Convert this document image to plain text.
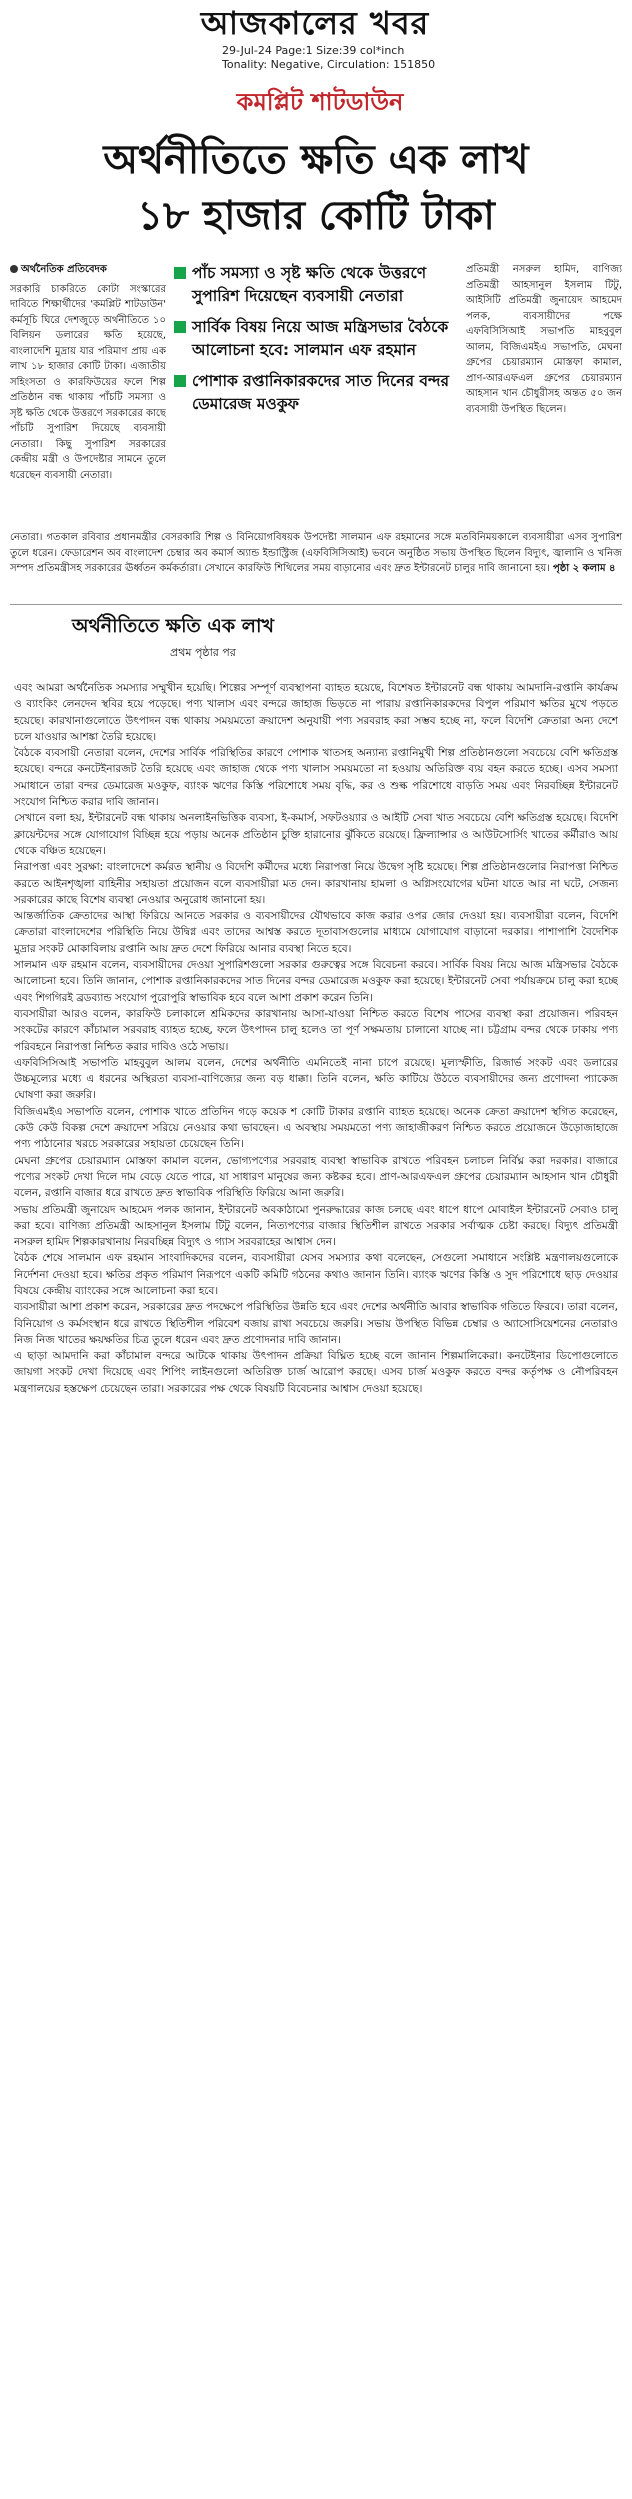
আজকালের খবর
29-Jul-24 Page:1 Size:39 col*inch
Tonality: Negative, Circulation: 151850
কমপ্লিট শাটডাউন
অর্থনীতিতে ক্ষতি এক লাখ
১৮ হাজার কোটি টাকা
অর্থনৈতিক প্রতিবেদক
সরকারি চাকরিতে কোটা সংস্কারের দাবিতে শিক্ষার্থীদের 'কমপ্লিট শাটডাউন' কর্মসূচি ঘিরে দেশজুড়ে অর্থনীতিতে ১০ বিলিয়ন ডলারের ক্ষতি হয়েছে, বাংলাদেশি মুদ্রায় যার পরিমাণ প্রায় এক লাখ ১৮ হাজার কোটি টাকা। এজাতীয় সহিংসতা ও কারফিউয়ের ফলে শিল্প প্রতিষ্ঠান বন্ধ থাকায় পাঁচটি সমস্যা ও সৃষ্ট ক্ষতি থেকে উত্তরণে সরকারের কাছে পাঁচটি সুপারিশ দিয়েছে ব্যবসায়ী নেতারা। কিছু সুপারিশ সরকারের কেন্দ্রীয় মন্ত্রী ও উপদেষ্টার সামনে তুলে ধরেছেন ব্যবসায়ী নেতারা।
পাঁচ সমস্যা ও সৃষ্ট ক্ষতি থেকে উত্তরণে সুপারিশ দিয়েছেন ব্যবসায়ী নেতারা
সার্বিক বিষয় নিয়ে আজ মন্ত্রিসভার বৈঠকে আলোচনা হবে: সালমান এফ রহমান
পোশাক রপ্তানিকারকদের সাত দিনের বন্দর ডেমারেজ মওকুফ
প্রতিমন্ত্রী নসরুল হামিদ, বাণিজ্য প্রতিমন্ত্রী আহসানুল ইসলাম টিটু, আইসিটি প্রতিমন্ত্রী জুনায়েদ আহমেদ পলক, ব্যবসায়ীদের পক্ষে এফবিসিসিআই সভাপতি মাহবুবুল আলম, বিজিএমইএ সভাপতি, মেঘনা গ্রুপের চেয়ারম্যান মোস্তফা কামাল, প্রাণ-আরএফএল গ্রুপের চেয়ারম্যান আহসান খান চৌধুরীসহ অন্তত ৫০ জন ব্যবসায়ী উপস্থিত ছিলেন।
নেতারা। গতকাল রবিবার প্রধানমন্ত্রীর বেসরকারি শিল্প ও বিনিয়োগবিষয়ক উপদেষ্টা সালমান এফ রহমানের সঙ্গে মতবিনিময়কালে ব্যবসায়ীরা এসব সুপারিশ তুলে ধরেন। ফেডারেশন অব বাংলাদেশ চেম্বার অব কমার্স অ্যান্ড ইন্ডাস্ট্রিজ (এফবিসিসিআই) ভবনে অনুষ্ঠিত সভায় উপস্থিত ছিলেন বিদ্যুৎ, জ্বালানি ও খনিজ সম্পদ প্রতিমন্ত্রীসহ সরকারের ঊর্ধ্বতন কর্মকর্তারা। সেখানে কারফিউ শিথিলের সময় বাড়ানোর এবং দ্রুত ইন্টারনেট চালুর দাবি জানানো হয়। পৃষ্ঠা ২ কলাম ৪
অর্থনীতিতে ক্ষতি এক লাখ
প্রথম পৃষ্ঠার পর

এবং আমরা অর্থনৈতিক সমস্যার সম্মুখীন হয়েছি। শিল্পের সম্পূর্ণ ব্যবস্থাপনা ব্যাহত হয়েছে, বিশেষত ইন্টারনেট বন্ধ থাকায় আমদানি-রপ্তানি কার্যক্রম ও ব্যাংকিং লেনদেন স্থবির হয়ে পড়েছে। পণ্য খালাস এবং বন্দরে জাহাজ ভিড়তে না পারায় রপ্তানিকারকদের বিপুল পরিমাণ ক্ষতির মুখে পড়তে হয়েছে। কারখানাগুলোতে উৎপাদন বন্ধ থাকায় সময়মতো ক্রয়াদেশ অনুযায়ী পণ্য সরবরাহ করা সম্ভব হচ্ছে না, ফলে বিদেশি ক্রেতারা অন্য দেশে চলে যাওয়ার আশঙ্কা তৈরি হয়েছে।

বৈঠকে ব্যবসায়ী নেতারা বলেন, দেশের সার্বিক পরিস্থিতির কারণে পোশাক খাতসহ অন্যান্য রপ্তানিমুখী শিল্প প্রতিষ্ঠানগুলো সবচেয়ে বেশি ক্ষতিগ্রস্ত হয়েছে। বন্দরে কনটেইনারজট তৈরি হয়েছে এবং জাহাজ থেকে পণ্য খালাস সময়মতো না হওয়ায় অতিরিক্ত ব্যয় বহন করতে হচ্ছে। এসব সমস্যা সমাধানে তারা বন্দর ডেমারেজ মওকুফ, ব্যাংক ঋণের কিস্তি পরিশোধে সময় বৃদ্ধি, কর ও শুল্ক পরিশোধে বাড়তি সময় এবং নিরবচ্ছিন্ন ইন্টারনেট সংযোগ নিশ্চিত করার দাবি জানান।

সেখানে বলা হয়, ইন্টারনেট বন্ধ থাকায় অনলাইনভিত্তিক ব্যবসা, ই-কমার্স, সফটওয়্যার ও আইটি সেবা খাত সবচেয়ে বেশি ক্ষতিগ্রস্ত হয়েছে। বিদেশি ক্লায়েন্টদের সঙ্গে যোগাযোগ বিচ্ছিন্ন হয়ে পড়ায় অনেক প্রতিষ্ঠান চুক্তি হারানোর ঝুঁকিতে রয়েছে। ফ্রিল্যান্সার ও আউটসোর্সিং খাতের কর্মীরাও আয় থেকে বঞ্চিত হয়েছেন।

নিরাপত্তা এবং সুরক্ষা: বাংলাদেশে কর্মরত স্থানীয় ও বিদেশি কর্মীদের মধ্যে নিরাপত্তা নিয়ে উদ্বেগ সৃষ্টি হয়েছে। শিল্প প্রতিষ্ঠানগুলোর নিরাপত্তা নিশ্চিত করতে আইনশৃঙ্খলা বাহিনীর সহায়তা প্রয়োজন বলে ব্যবসায়ীরা মত দেন। কারখানায় হামলা ও অগ্নিসংযোগের ঘটনা যাতে আর না ঘটে, সেজন্য সরকারের কাছে বিশেষ ব্যবস্থা নেওয়ার অনুরোধ জানানো হয়।

আন্তর্জাতিক ক্রেতাদের আস্থা ফিরিয়ে আনতে সরকার ও ব্যবসায়ীদের যৌথভাবে কাজ করার ওপর জোর দেওয়া হয়। ব্যবসায়ীরা বলেন, বিদেশি ক্রেতারা বাংলাদেশের পরিস্থিতি নিয়ে উদ্বিগ্ন এবং তাদের আশ্বস্ত করতে দূতাবাসগুলোর মাধ্যমে যোগাযোগ বাড়ানো দরকার। পাশাপাশি বৈদেশিক মুদ্রার সংকট মোকাবিলায় রপ্তানি আয় দ্রুত দেশে ফিরিয়ে আনার ব্যবস্থা নিতে হবে।

সালমান এফ রহমান বলেন, ব্যবসায়ীদের দেওয়া সুপারিশগুলো সরকার গুরুত্বের সঙ্গে বিবেচনা করবে। সার্বিক বিষয় নিয়ে আজ মন্ত্রিসভার বৈঠকে আলোচনা হবে। তিনি জানান, পোশাক রপ্তানিকারকদের সাত দিনের বন্দর ডেমারেজ মওকুফ করা হয়েছে। ইন্টারনেট সেবা পর্যায়ক্রমে চালু করা হচ্ছে এবং শিগগিরই ব্রডব্যান্ড সংযোগ পুরোপুরি স্বাভাবিক হবে বলে আশা প্রকাশ করেন তিনি।

ব্যবসায়ীরা আরও বলেন, কারফিউ চলাকালে শ্রমিকদের কারখানায় আসা-যাওয়া নিশ্চিত করতে বিশেষ পাসের ব্যবস্থা করা প্রয়োজন। পরিবহন সংকটের কারণে কাঁচামাল সরবরাহ ব্যাহত হচ্ছে, ফলে উৎপাদন চালু হলেও তা পূর্ণ সক্ষমতায় চালানো যাচ্ছে না। চট্টগ্রাম বন্দর থেকে ঢাকায় পণ্য পরিবহনে নিরাপত্তা নিশ্চিত করার দাবিও ওঠে সভায়।

এফবিসিসিআই সভাপতি মাহবুবুল আলম বলেন, দেশের অর্থনীতি এমনিতেই নানা চাপে রয়েছে। মূল্যস্ফীতি, রিজার্ভ সংকট এবং ডলারের উচ্চমূল্যের মধ্যে এ ধরনের অস্থিরতা ব্যবসা-বাণিজ্যের জন্য বড় ধাক্কা। তিনি বলেন, ক্ষতি কাটিয়ে উঠতে ব্যবসায়ীদের জন্য প্রণোদনা প্যাকেজ ঘোষণা করা জরুরি।

বিজিএমইএ সভাপতি বলেন, পোশাক খাতে প্রতিদিন গড়ে কয়েক শ কোটি টাকার রপ্তানি ব্যাহত হয়েছে। অনেক ক্রেতা ক্রয়াদেশ স্থগিত করেছেন, কেউ কেউ বিকল্প দেশে ক্রয়াদেশ সরিয়ে নেওয়ার কথা ভাবছেন। এ অবস্থায় সময়মতো পণ্য জাহাজীকরণ নিশ্চিত করতে প্রয়োজনে উড়োজাহাজে পণ্য পাঠানোর খরচে সরকারের সহায়তা চেয়েছেন তিনি।

মেঘনা গ্রুপের চেয়ারম্যান মোস্তফা কামাল বলেন, ভোগ্যপণ্যের সরবরাহ ব্যবস্থা স্বাভাবিক রাখতে পরিবহন চলাচল নির্বিঘ্ন করা দরকার। বাজারে পণ্যের সংকট দেখা দিলে দাম বেড়ে যেতে পারে, যা সাধারণ মানুষের জন্য কষ্টকর হবে। প্রাণ-আরএফএল গ্রুপের চেয়ারম্যান আহসান খান চৌধুরী বলেন, রপ্তানি বাজার ধরে রাখতে দ্রুত স্বাভাবিক পরিস্থিতি ফিরিয়ে আনা জরুরি।

সভায় প্রতিমন্ত্রী জুনায়েদ আহমেদ পলক জানান, ইন্টারনেট অবকাঠামো পুনরুদ্ধারের কাজ চলছে এবং ধাপে ধাপে মোবাইল ইন্টারনেট সেবাও চালু করা হবে। বাণিজ্য প্রতিমন্ত্রী আহসানুল ইসলাম টিটু বলেন, নিত্যপণ্যের বাজার স্থিতিশীল রাখতে সরকার সর্বাত্মক চেষ্টা করছে। বিদ্যুৎ প্রতিমন্ত্রী নসরুল হামিদ শিল্পকারখানায় নিরবচ্ছিন্ন বিদ্যুৎ ও গ্যাস সরবরাহের আশ্বাস দেন।

বৈঠক শেষে সালমান এফ রহমান সাংবাদিকদের বলেন, ব্যবসায়ীরা যেসব সমস্যার কথা বলেছেন, সেগুলো সমাধানে সংশ্লিষ্ট মন্ত্রণালয়গুলোকে নির্দেশনা দেওয়া হবে। ক্ষতির প্রকৃত পরিমাণ নিরূপণে একটি কমিটি গঠনের কথাও জানান তিনি। ব্যাংক ঋণের কিস্তি ও সুদ পরিশোধে ছাড় দেওয়ার বিষয়ে কেন্দ্রীয় ব্যাংকের সঙ্গে আলোচনা করা হবে।

ব্যবসায়ীরা আশা প্রকাশ করেন, সরকারের দ্রুত পদক্ষেপে পরিস্থিতির উন্নতি হবে এবং দেশের অর্থনীতি আবার স্বাভাবিক গতিতে ফিরবে। তারা বলেন, বিনিয়োগ ও কর্মসংস্থান ধরে রাখতে স্থিতিশীল পরিবেশ বজায় রাখা সবচেয়ে জরুরি। সভায় উপস্থিত বিভিন্ন চেম্বার ও অ্যাসোসিয়েশনের নেতারাও নিজ নিজ খাতের ক্ষয়ক্ষতির চিত্র তুলে ধরেন এবং দ্রুত প্রণোদনার দাবি জানান।

এ ছাড়া আমদানি করা কাঁচামাল বন্দরে আটকে থাকায় উৎপাদন প্রক্রিয়া বিঘ্নিত হচ্ছে বলে জানান শিল্পমালিকেরা। কনটেইনার ডিপোগুলোতে জায়গা সংকট দেখা দিয়েছে এবং শিপিং লাইনগুলো অতিরিক্ত চার্জ আরোপ করছে। এসব চার্জ মওকুফ করতে বন্দর কর্তৃপক্ষ ও নৌপরিবহন মন্ত্রণালয়ের হস্তক্ষেপ চেয়েছেন তারা। সরকারের পক্ষ থেকে বিষয়টি বিবেচনার আশ্বাস দেওয়া হয়েছে।
